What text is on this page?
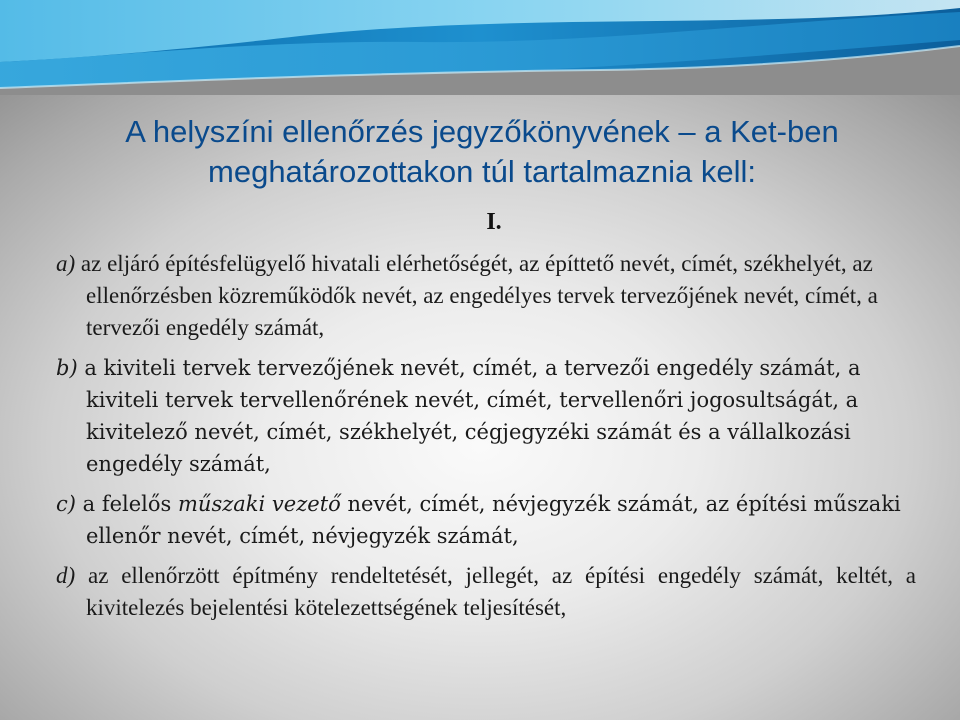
A helyszíni ellenőrzés jegyzőkönyvének – a Ket-ben
meghatározottakon túl tartalmaznia kell:
I.

a) az eljáró építésfelügyelő hivatali elérhetőségét, az építtető nevét, címét, székhelyét, az ellenőrzésben közreműködők nevét, az engedélyes tervek tervezőjének nevét, címét, a tervezői engedély számát,

b) a kiviteli tervek tervezőjének nevét, címét, a tervezői engedély számát, a kiviteli tervek tervellenőrének nevét, címét, tervellenőri jogosultságát, a kivitelező nevét, címét, székhelyét, cégjegyzéki számát és a vállalkozási engedély számát,

c) a felelős műszaki vezető nevét, címét, névjegyzék számát, az építési műszaki ellenőr nevét, címét, névjegyzék számát,

d) az ellenőrzött építmény rendeltetését, jellegét, az építési engedély számát, keltét, a kivitelezés bejelentési kötelezettségének teljesítését,
